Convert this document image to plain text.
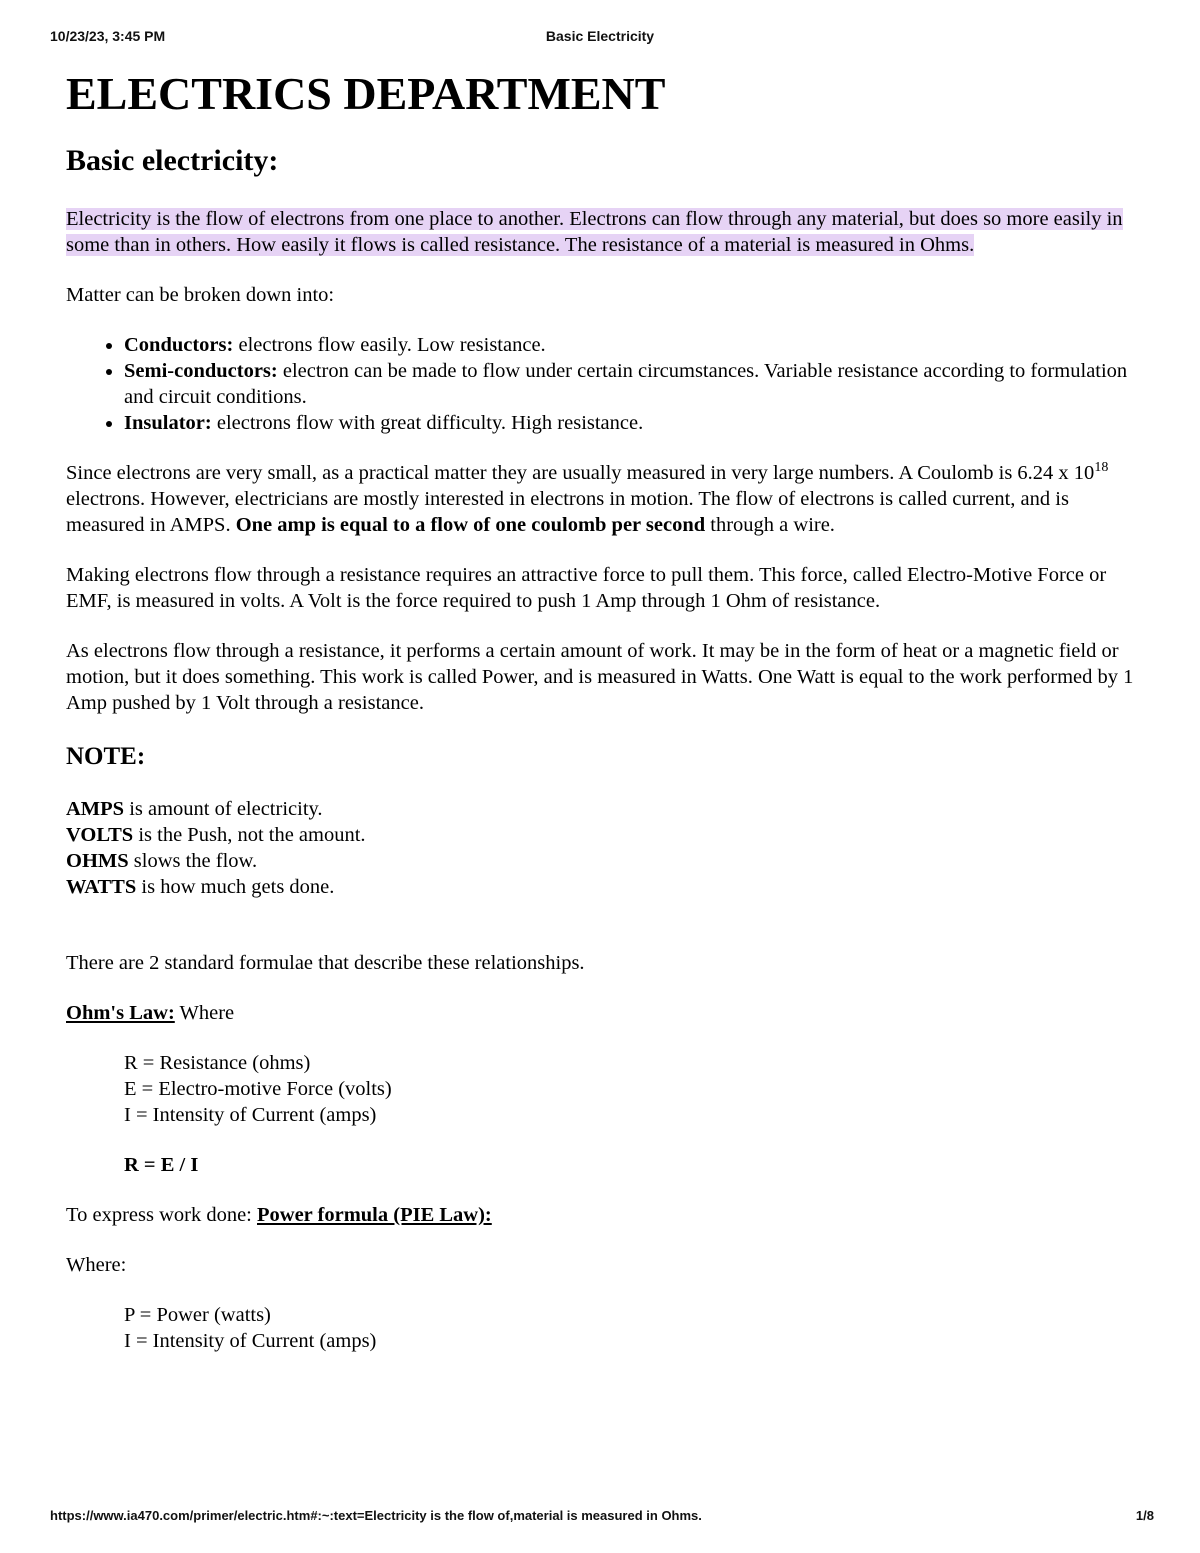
10/23/23, 3:45 PM	Basic Electricity
ELECTRICS DEPARTMENT
Basic electricity:

Electricity is the flow of electrons from one place to another. Electrons can flow through any material, but does so more easily in some than in others. How easily it flows is called resistance. The resistance of a material is measured in Ohms.

Matter can be broken down into:

• Conductors: electrons flow easily. Low resistance.
• Semi-conductors: electron can be made to flow under certain circumstances. Variable resistance according to formulation and circuit conditions.
• Insulator: electrons flow with great difficulty. High resistance.

Since electrons are very small, as a practical matter they are usually measured in very large numbers. A Coulomb is 6.24 x $10^{18}$ electrons. However, electricians are mostly interested in electrons in motion. The flow of electrons is called current, and is measured in AMPS. One amp is equal to a flow of one coulomb per second through a wire.

Making electrons flow through a resistance requires an attractive force to pull them. This force, called Electro-Motive Force or EMF, is measured in volts. A Volt is the force required to push 1 Amp through 1 Ohm of resistance.

As electrons flow through a resistance, it performs a certain amount of work. It may be in the form of heat or a magnetic field or motion, but it does something. This work is called Power, and is measured in Watts. One Watt is equal to the work performed by 1 Amp pushed by 1 Volt through a resistance.

NOTE:
AMPS is amount of electricity.
VOLTS is the Push, not the amount.
OHMS slows the flow.
WATTS is how much gets done.

There are 2 standard formulae that describe these relationships.

Ohm's Law: Where

R = Resistance (ohms)
E = Electro-motive Force (volts)
I = Intensity of Current (amps)
R = E / I

To express work done: Power formula (PIE Law):

Where:

P = Power (watts)
I = Intensity of Current (amps)
https://www.ia470.com/primer/electric.htm#:~:text=Electricity is the flow of,material is measured in Ohms.	1/8
